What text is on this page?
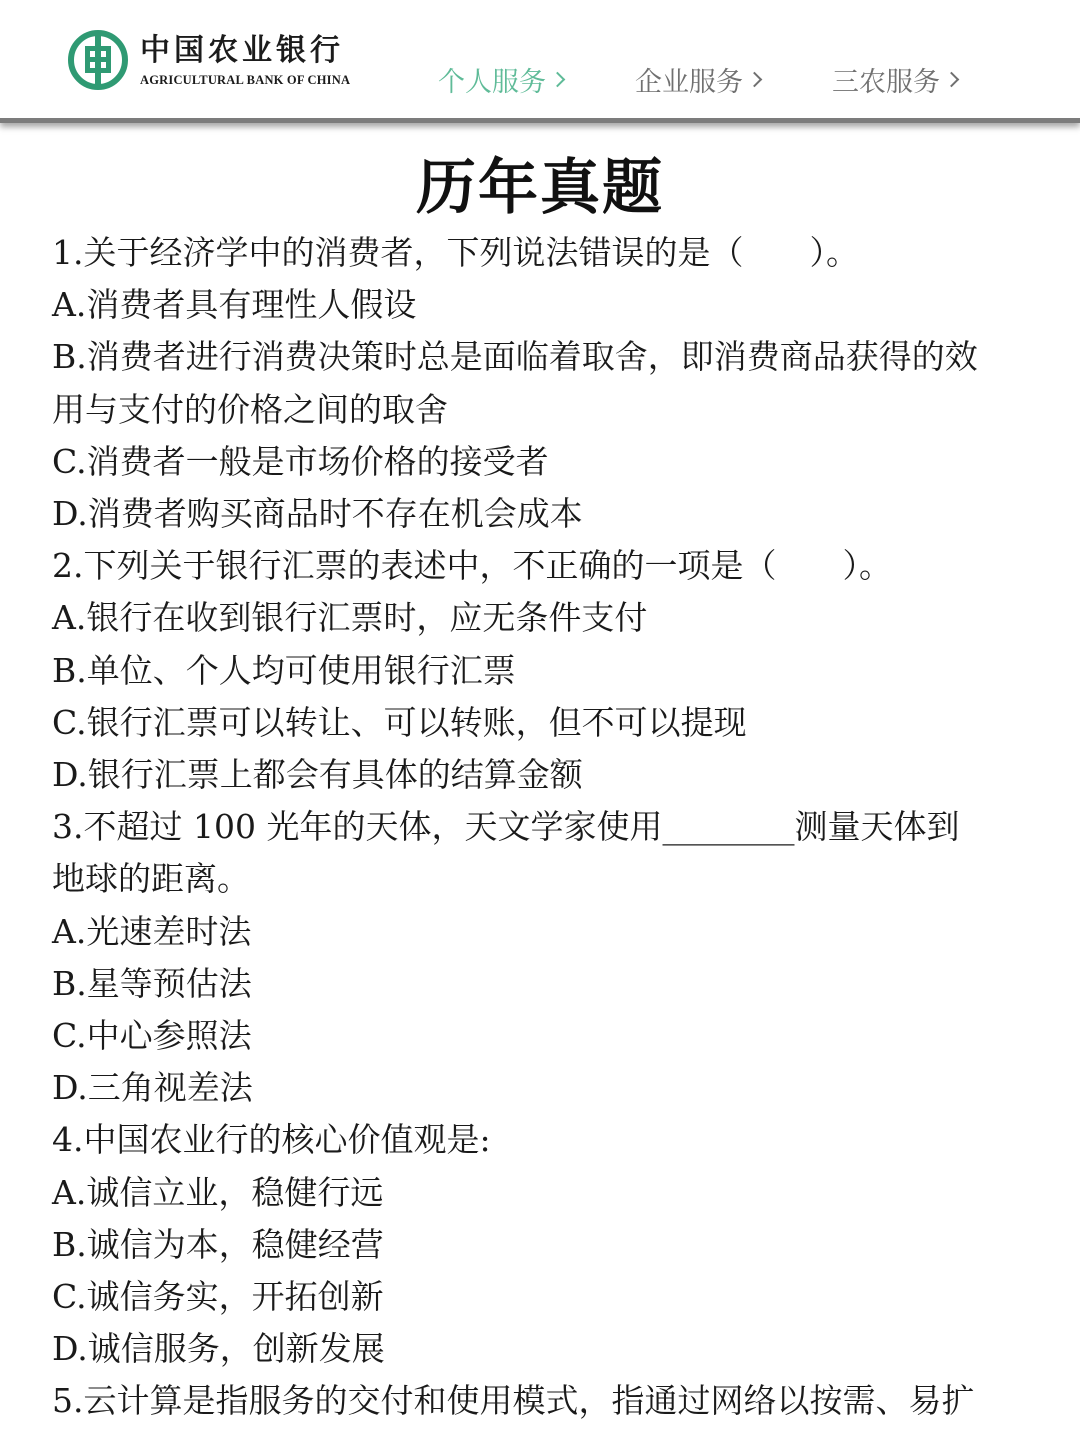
中国农业银行
AGRICULTURAL BANK OF CHINA	个人服务	企业服务	三农服务
历年真题

1.关于经济学中的消费者，下列说法错误的是（　　）。

A.消费者具有理性人假设

B.消费者进行消费决策时总是面临着取舍，即消费商品获得的效

用与支付的价格之间的取舍

C.消费者一般是市场价格的接受者

D.消费者购买商品时不存在机会成本

2.下列关于银行汇票的表述中，不正确的一项是（　　）。

A.银行在收到银行汇票时，应无条件支付

B.单位、个人均可使用银行汇票

C.银行汇票可以转让、可以转账，但不可以提现

D.银行汇票上都会有具体的结算金额

3.不超过 100 光年的天体，天文学家使用________测量天体到

地球的距离。

A.光速差时法

B.星等预估法

C.中心参照法

D.三角视差法

4.中国农业行的核心价值观是:

A.诚信立业，稳健行远

B.诚信为本，稳健经营

C.诚信务实，开拓创新

D.诚信服务，创新发展

5.云计算是指服务的交付和使用模式，指通过网络以按需、易扩
